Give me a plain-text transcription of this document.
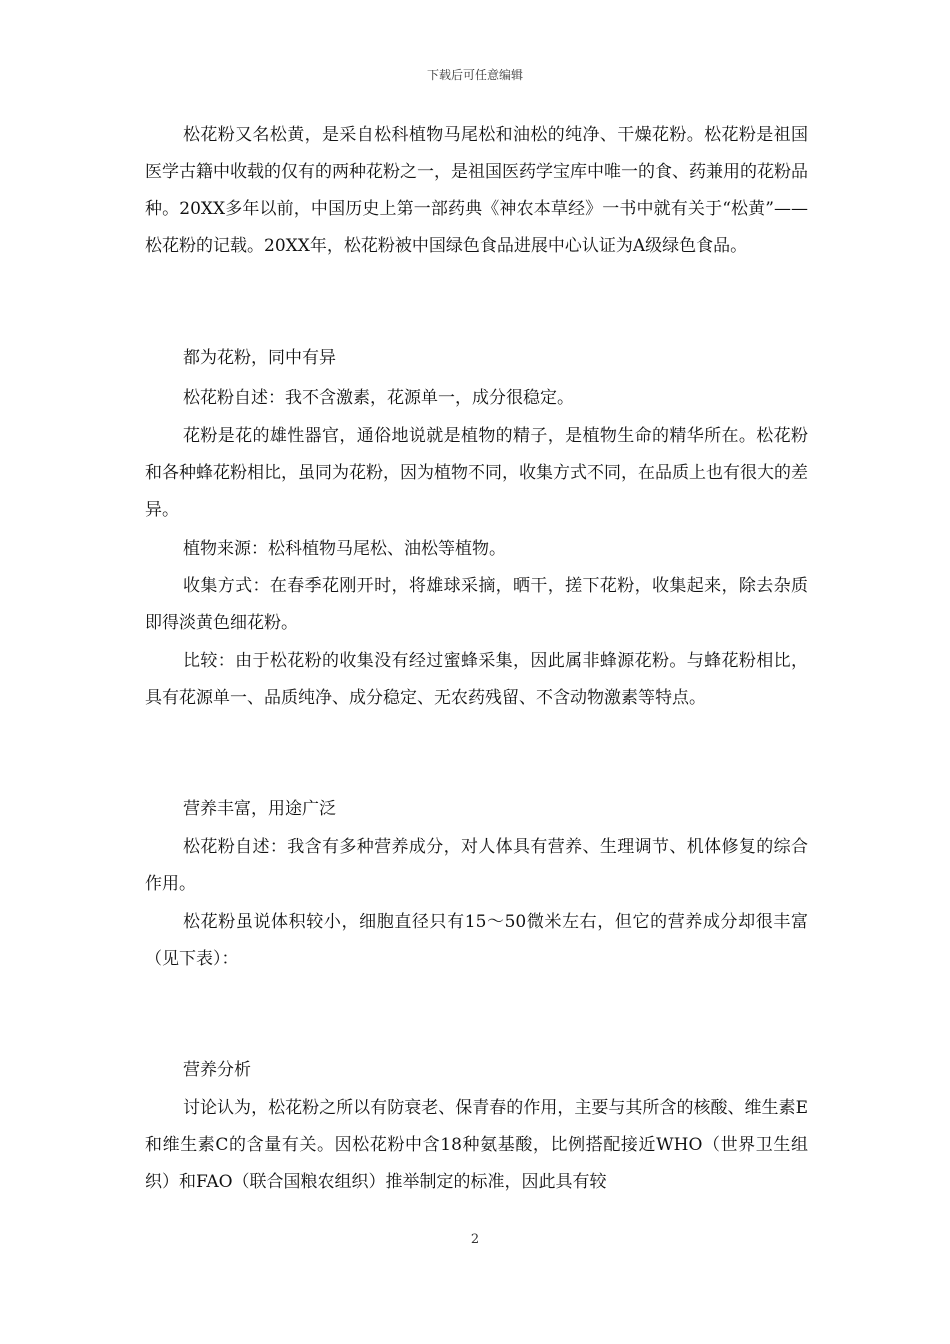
下载后可任意编辑

松花粉又名松黄，是采自松科植物马尾松和油松的纯净、干燥花粉。松花粉是祖国医学古籍中收载的仅有的两种花粉之一，是祖国医药学宝库中唯一的食、药兼用的花粉品种。20XX多年以前，中国历史上第一部药典《神农本草经》一书中就有关于“松黄”——松花粉的记载。20XX年，松花粉被中国绿色食品进展中心认证为A级绿色食品。

都为花粉，同中有异

松花粉自述：我不含激素，花源单一，成分很稳定。

花粉是花的雄性器官，通俗地说就是植物的精子，是植物生命的精华所在。松花粉和各种蜂花粉相比，虽同为花粉，因为植物不同，收集方式不同，在品质上也有很大的差异。

植物来源：松科植物马尾松、油松等植物。

收集方式：在春季花刚开时，将雄球采摘，晒干，搓下花粉，收集起来，除去杂质即得淡黄色细花粉。

比较：由于松花粉的收集没有经过蜜蜂采集，因此属非蜂源花粉。与蜂花粉相比，具有花源单一、品质纯净、成分稳定、无农药残留、不含动物激素等特点。

营养丰富，用途广泛

松花粉自述：我含有多种营养成分，对人体具有营养、生理调节、机体修复的综合作用。

松花粉虽说体积较小，细胞直径只有15～50微米左右，但它的营养成分却很丰富（见下表）：

营养分析

讨论认为，松花粉之所以有防衰老、保青春的作用，主要与其所含的核酸、维生素E和维生素C的含量有关。因松花粉中含18种氨基酸，比例搭配接近WHO（世界卫生组织）和FAO（联合国粮农组织）推举制定的标准，因此具有较

2
